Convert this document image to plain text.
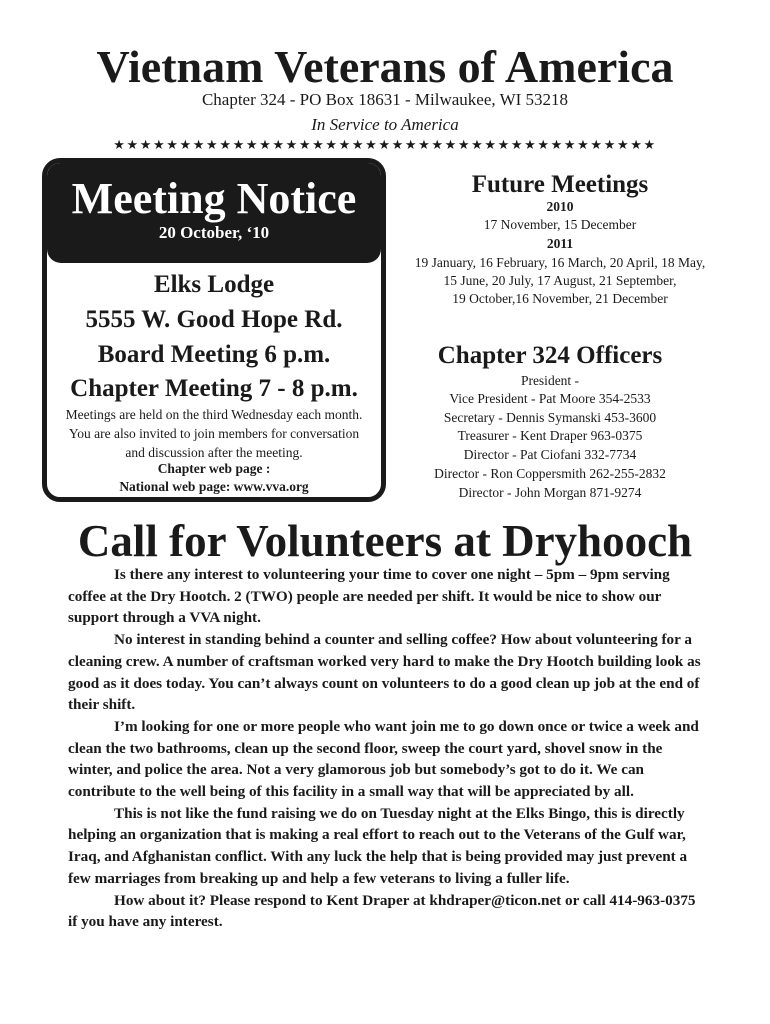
Vietnam Veterans of America
Chapter 324 - PO Box 18631 - Milwaukee, WI 53218
In Service to America
★★★★★★★★★★★★★★★★★★★★★★★★★★★★★★★★★★★★★★★★★
Meeting Notice
20 October, ‘10
Elks Lodge
5555 W. Good Hope Rd.
Board Meeting 6 p.m.
Chapter Meeting 7 - 8 p.m.
Meetings are held on the third Wednesday each month. You are also invited to join members for conversation and discussion after the meeting.
Chapter web page :
National web page: www.vva.org
Future Meetings
2010
17 November, 15 December
2011
19 January, 16 February, 16 March, 20 April, 18 May,
15 June, 20 July, 17 August, 21 September,
19 October,16 November, 21 December
Chapter 324 Officers
President -
Vice President - Pat Moore 354-2533
Secretary - Dennis Symanski 453-3600
Treasurer - Kent Draper 963-0375
Director - Pat Ciofani 332-7734
Director - Ron Coppersmith 262-255-2832
Director - John Morgan 871-9274
Call for Volunteers at Dryhooch

Is there any interest to volunteering your time to cover one night – 5pm – 9pm serving coffee at the Dry Hootch. 2 (TWO) people are needed per shift. It would be nice to show our support through a VVA night.

No interest in standing behind a counter and selling coffee? How about volunteering for a cleaning crew. A number of craftsman worked very hard to make the Dry Hootch building look as good as it does today. You can’t always count on volunteers to do a good clean up job at the end of their shift.

I’m looking for one or more people who want join me to go down once or twice a week and clean the two bathrooms, clean up the second floor, sweep the court yard, shovel snow in the winter, and police the area. Not a very glamorous job but somebody’s got to do it. We can contribute to the well being of this facility in a small way that will be appreciated by all.

This is not like the fund raising we do on Tuesday night at the Elks Bingo, this is directly helping an organization that is making a real effort to reach out to the Veterans of the Gulf war, Iraq, and Afghanistan conflict. With any luck the help that is being provided may just prevent a few marriages from breaking up and help a few veterans to living a fuller life.

How about it? Please respond to Kent Draper at khdraper@ticon.net or call 414-963-0375 if you have any interest.
